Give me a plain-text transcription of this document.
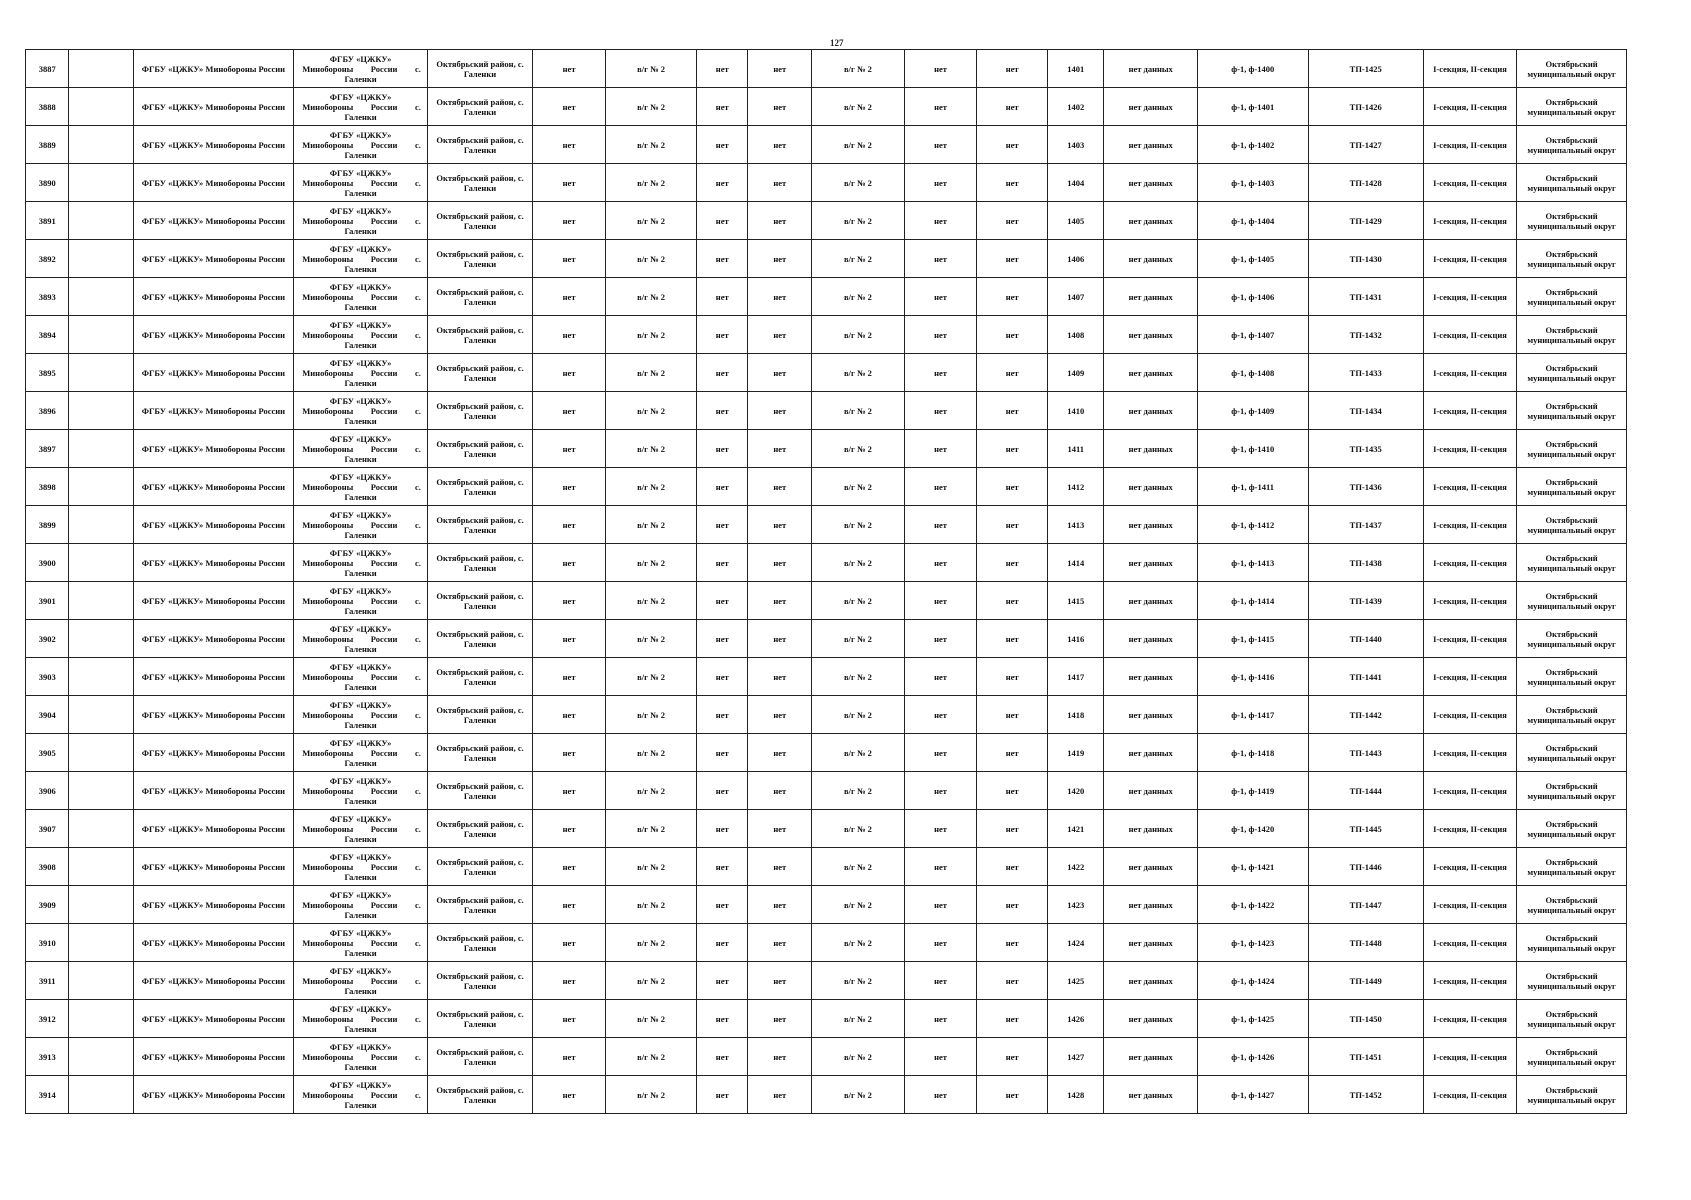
127
3887		ФГБУ «ЦЖКУ» Минобороны России	ФГБУ «ЦЖКУ»
Минобороны России с.
Галенки	Октябрьский район, с. Галенки	нет	в/г № 2	нет	нет	в/г № 2	нет	нет	1401	нет данных	ф-1, ф-1400	ТП-1425	I-секция, II-секция	Октябрьский муниципальный округ
3888		ФГБУ «ЦЖКУ» Минобороны России	ФГБУ «ЦЖКУ»
Минобороны России с.
Галенки	Октябрьский район, с. Галенки	нет	в/г № 2	нет	нет	в/г № 2	нет	нет	1402	нет данных	ф-1, ф-1401	ТП-1426	I-секция, II-секция	Октябрьский муниципальный округ
3889		ФГБУ «ЦЖКУ» Минобороны России	ФГБУ «ЦЖКУ»
Минобороны России с.
Галенки	Октябрьский район, с. Галенки	нет	в/г № 2	нет	нет	в/г № 2	нет	нет	1403	нет данных	ф-1, ф-1402	ТП-1427	I-секция, II-секция	Октябрьский муниципальный округ
3890		ФГБУ «ЦЖКУ» Минобороны России	ФГБУ «ЦЖКУ»
Минобороны России с.
Галенки	Октябрьский район, с. Галенки	нет	в/г № 2	нет	нет	в/г № 2	нет	нет	1404	нет данных	ф-1, ф-1403	ТП-1428	I-секция, II-секция	Октябрьский муниципальный округ
3891		ФГБУ «ЦЖКУ» Минобороны России	ФГБУ «ЦЖКУ»
Минобороны России с.
Галенки	Октябрьский район, с. Галенки	нет	в/г № 2	нет	нет	в/г № 2	нет	нет	1405	нет данных	ф-1, ф-1404	ТП-1429	I-секция, II-секция	Октябрьский муниципальный округ
3892		ФГБУ «ЦЖКУ» Минобороны России	ФГБУ «ЦЖКУ»
Минобороны России с.
Галенки	Октябрьский район, с. Галенки	нет	в/г № 2	нет	нет	в/г № 2	нет	нет	1406	нет данных	ф-1, ф-1405	ТП-1430	I-секция, II-секция	Октябрьский муниципальный округ
3893		ФГБУ «ЦЖКУ» Минобороны России	ФГБУ «ЦЖКУ»
Минобороны России с.
Галенки	Октябрьский район, с. Галенки	нет	в/г № 2	нет	нет	в/г № 2	нет	нет	1407	нет данных	ф-1, ф-1406	ТП-1431	I-секция, II-секция	Октябрьский муниципальный округ
3894		ФГБУ «ЦЖКУ» Минобороны России	ФГБУ «ЦЖКУ»
Минобороны России с.
Галенки	Октябрьский район, с. Галенки	нет	в/г № 2	нет	нет	в/г № 2	нет	нет	1408	нет данных	ф-1, ф-1407	ТП-1432	I-секция, II-секция	Октябрьский муниципальный округ
3895		ФГБУ «ЦЖКУ» Минобороны России	ФГБУ «ЦЖКУ»
Минобороны России с.
Галенки	Октябрьский район, с. Галенки	нет	в/г № 2	нет	нет	в/г № 2	нет	нет	1409	нет данных	ф-1, ф-1408	ТП-1433	I-секция, II-секция	Октябрьский муниципальный округ
3896		ФГБУ «ЦЖКУ» Минобороны России	ФГБУ «ЦЖКУ»
Минобороны России с.
Галенки	Октябрьский район, с. Галенки	нет	в/г № 2	нет	нет	в/г № 2	нет	нет	1410	нет данных	ф-1, ф-1409	ТП-1434	I-секция, II-секция	Октябрьский муниципальный округ
3897		ФГБУ «ЦЖКУ» Минобороны России	ФГБУ «ЦЖКУ»
Минобороны России с.
Галенки	Октябрьский район, с. Галенки	нет	в/г № 2	нет	нет	в/г № 2	нет	нет	1411	нет данных	ф-1, ф-1410	ТП-1435	I-секция, II-секция	Октябрьский муниципальный округ
3898		ФГБУ «ЦЖКУ» Минобороны России	ФГБУ «ЦЖКУ»
Минобороны России с.
Галенки	Октябрьский район, с. Галенки	нет	в/г № 2	нет	нет	в/г № 2	нет	нет	1412	нет данных	ф-1, ф-1411	ТП-1436	I-секция, II-секция	Октябрьский муниципальный округ
3899		ФГБУ «ЦЖКУ» Минобороны России	ФГБУ «ЦЖКУ»
Минобороны России с.
Галенки	Октябрьский район, с. Галенки	нет	в/г № 2	нет	нет	в/г № 2	нет	нет	1413	нет данных	ф-1, ф-1412	ТП-1437	I-секция, II-секция	Октябрьский муниципальный округ
3900		ФГБУ «ЦЖКУ» Минобороны России	ФГБУ «ЦЖКУ»
Минобороны России с.
Галенки	Октябрьский район, с. Галенки	нет	в/г № 2	нет	нет	в/г № 2	нет	нет	1414	нет данных	ф-1, ф-1413	ТП-1438	I-секция, II-секция	Октябрьский муниципальный округ
3901		ФГБУ «ЦЖКУ» Минобороны России	ФГБУ «ЦЖКУ»
Минобороны России с.
Галенки	Октябрьский район, с. Галенки	нет	в/г № 2	нет	нет	в/г № 2	нет	нет	1415	нет данных	ф-1, ф-1414	ТП-1439	I-секция, II-секция	Октябрьский муниципальный округ
3902		ФГБУ «ЦЖКУ» Минобороны России	ФГБУ «ЦЖКУ»
Минобороны России с.
Галенки	Октябрьский район, с. Галенки	нет	в/г № 2	нет	нет	в/г № 2	нет	нет	1416	нет данных	ф-1, ф-1415	ТП-1440	I-секция, II-секция	Октябрьский муниципальный округ
3903		ФГБУ «ЦЖКУ» Минобороны России	ФГБУ «ЦЖКУ»
Минобороны России с.
Галенки	Октябрьский район, с. Галенки	нет	в/г № 2	нет	нет	в/г № 2	нет	нет	1417	нет данных	ф-1, ф-1416	ТП-1441	I-секция, II-секция	Октябрьский муниципальный округ
3904		ФГБУ «ЦЖКУ» Минобороны России	ФГБУ «ЦЖКУ»
Минобороны России с.
Галенки	Октябрьский район, с. Галенки	нет	в/г № 2	нет	нет	в/г № 2	нет	нет	1418	нет данных	ф-1, ф-1417	ТП-1442	I-секция, II-секция	Октябрьский муниципальный округ
3905		ФГБУ «ЦЖКУ» Минобороны России	ФГБУ «ЦЖКУ»
Минобороны России с.
Галенки	Октябрьский район, с. Галенки	нет	в/г № 2	нет	нет	в/г № 2	нет	нет	1419	нет данных	ф-1, ф-1418	ТП-1443	I-секция, II-секция	Октябрьский муниципальный округ
3906		ФГБУ «ЦЖКУ» Минобороны России	ФГБУ «ЦЖКУ»
Минобороны России с.
Галенки	Октябрьский район, с. Галенки	нет	в/г № 2	нет	нет	в/г № 2	нет	нет	1420	нет данных	ф-1, ф-1419	ТП-1444	I-секция, II-секция	Октябрьский муниципальный округ
3907		ФГБУ «ЦЖКУ» Минобороны России	ФГБУ «ЦЖКУ»
Минобороны России с.
Галенки	Октябрьский район, с. Галенки	нет	в/г № 2	нет	нет	в/г № 2	нет	нет	1421	нет данных	ф-1, ф-1420	ТП-1445	I-секция, II-секция	Октябрьский муниципальный округ
3908		ФГБУ «ЦЖКУ» Минобороны России	ФГБУ «ЦЖКУ»
Минобороны России с.
Галенки	Октябрьский район, с. Галенки	нет	в/г № 2	нет	нет	в/г № 2	нет	нет	1422	нет данных	ф-1, ф-1421	ТП-1446	I-секция, II-секция	Октябрьский муниципальный округ
3909		ФГБУ «ЦЖКУ» Минобороны России	ФГБУ «ЦЖКУ»
Минобороны России с.
Галенки	Октябрьский район, с. Галенки	нет	в/г № 2	нет	нет	в/г № 2	нет	нет	1423	нет данных	ф-1, ф-1422	ТП-1447	I-секция, II-секция	Октябрьский муниципальный округ
3910		ФГБУ «ЦЖКУ» Минобороны России	ФГБУ «ЦЖКУ»
Минобороны России с.
Галенки	Октябрьский район, с. Галенки	нет	в/г № 2	нет	нет	в/г № 2	нет	нет	1424	нет данных	ф-1, ф-1423	ТП-1448	I-секция, II-секция	Октябрьский муниципальный округ
3911		ФГБУ «ЦЖКУ» Минобороны России	ФГБУ «ЦЖКУ»
Минобороны России с.
Галенки	Октябрьский район, с. Галенки	нет	в/г № 2	нет	нет	в/г № 2	нет	нет	1425	нет данных	ф-1, ф-1424	ТП-1449	I-секция, II-секция	Октябрьский муниципальный округ
3912		ФГБУ «ЦЖКУ» Минобороны России	ФГБУ «ЦЖКУ»
Минобороны России с.
Галенки	Октябрьский район, с. Галенки	нет	в/г № 2	нет	нет	в/г № 2	нет	нет	1426	нет данных	ф-1, ф-1425	ТП-1450	I-секция, II-секция	Октябрьский муниципальный округ
3913		ФГБУ «ЦЖКУ» Минобороны России	ФГБУ «ЦЖКУ»
Минобороны России с.
Галенки	Октябрьский район, с. Галенки	нет	в/г № 2	нет	нет	в/г № 2	нет	нет	1427	нет данных	ф-1, ф-1426	ТП-1451	I-секция, II-секция	Октябрьский муниципальный округ
3914		ФГБУ «ЦЖКУ» Минобороны России	ФГБУ «ЦЖКУ»
Минобороны России с.
Галенки	Октябрьский район, с. Галенки	нет	в/г № 2	нет	нет	в/г № 2	нет	нет	1428	нет данных	ф-1, ф-1427	ТП-1452	I-секция, II-секция	Октябрьский муниципальный округ
